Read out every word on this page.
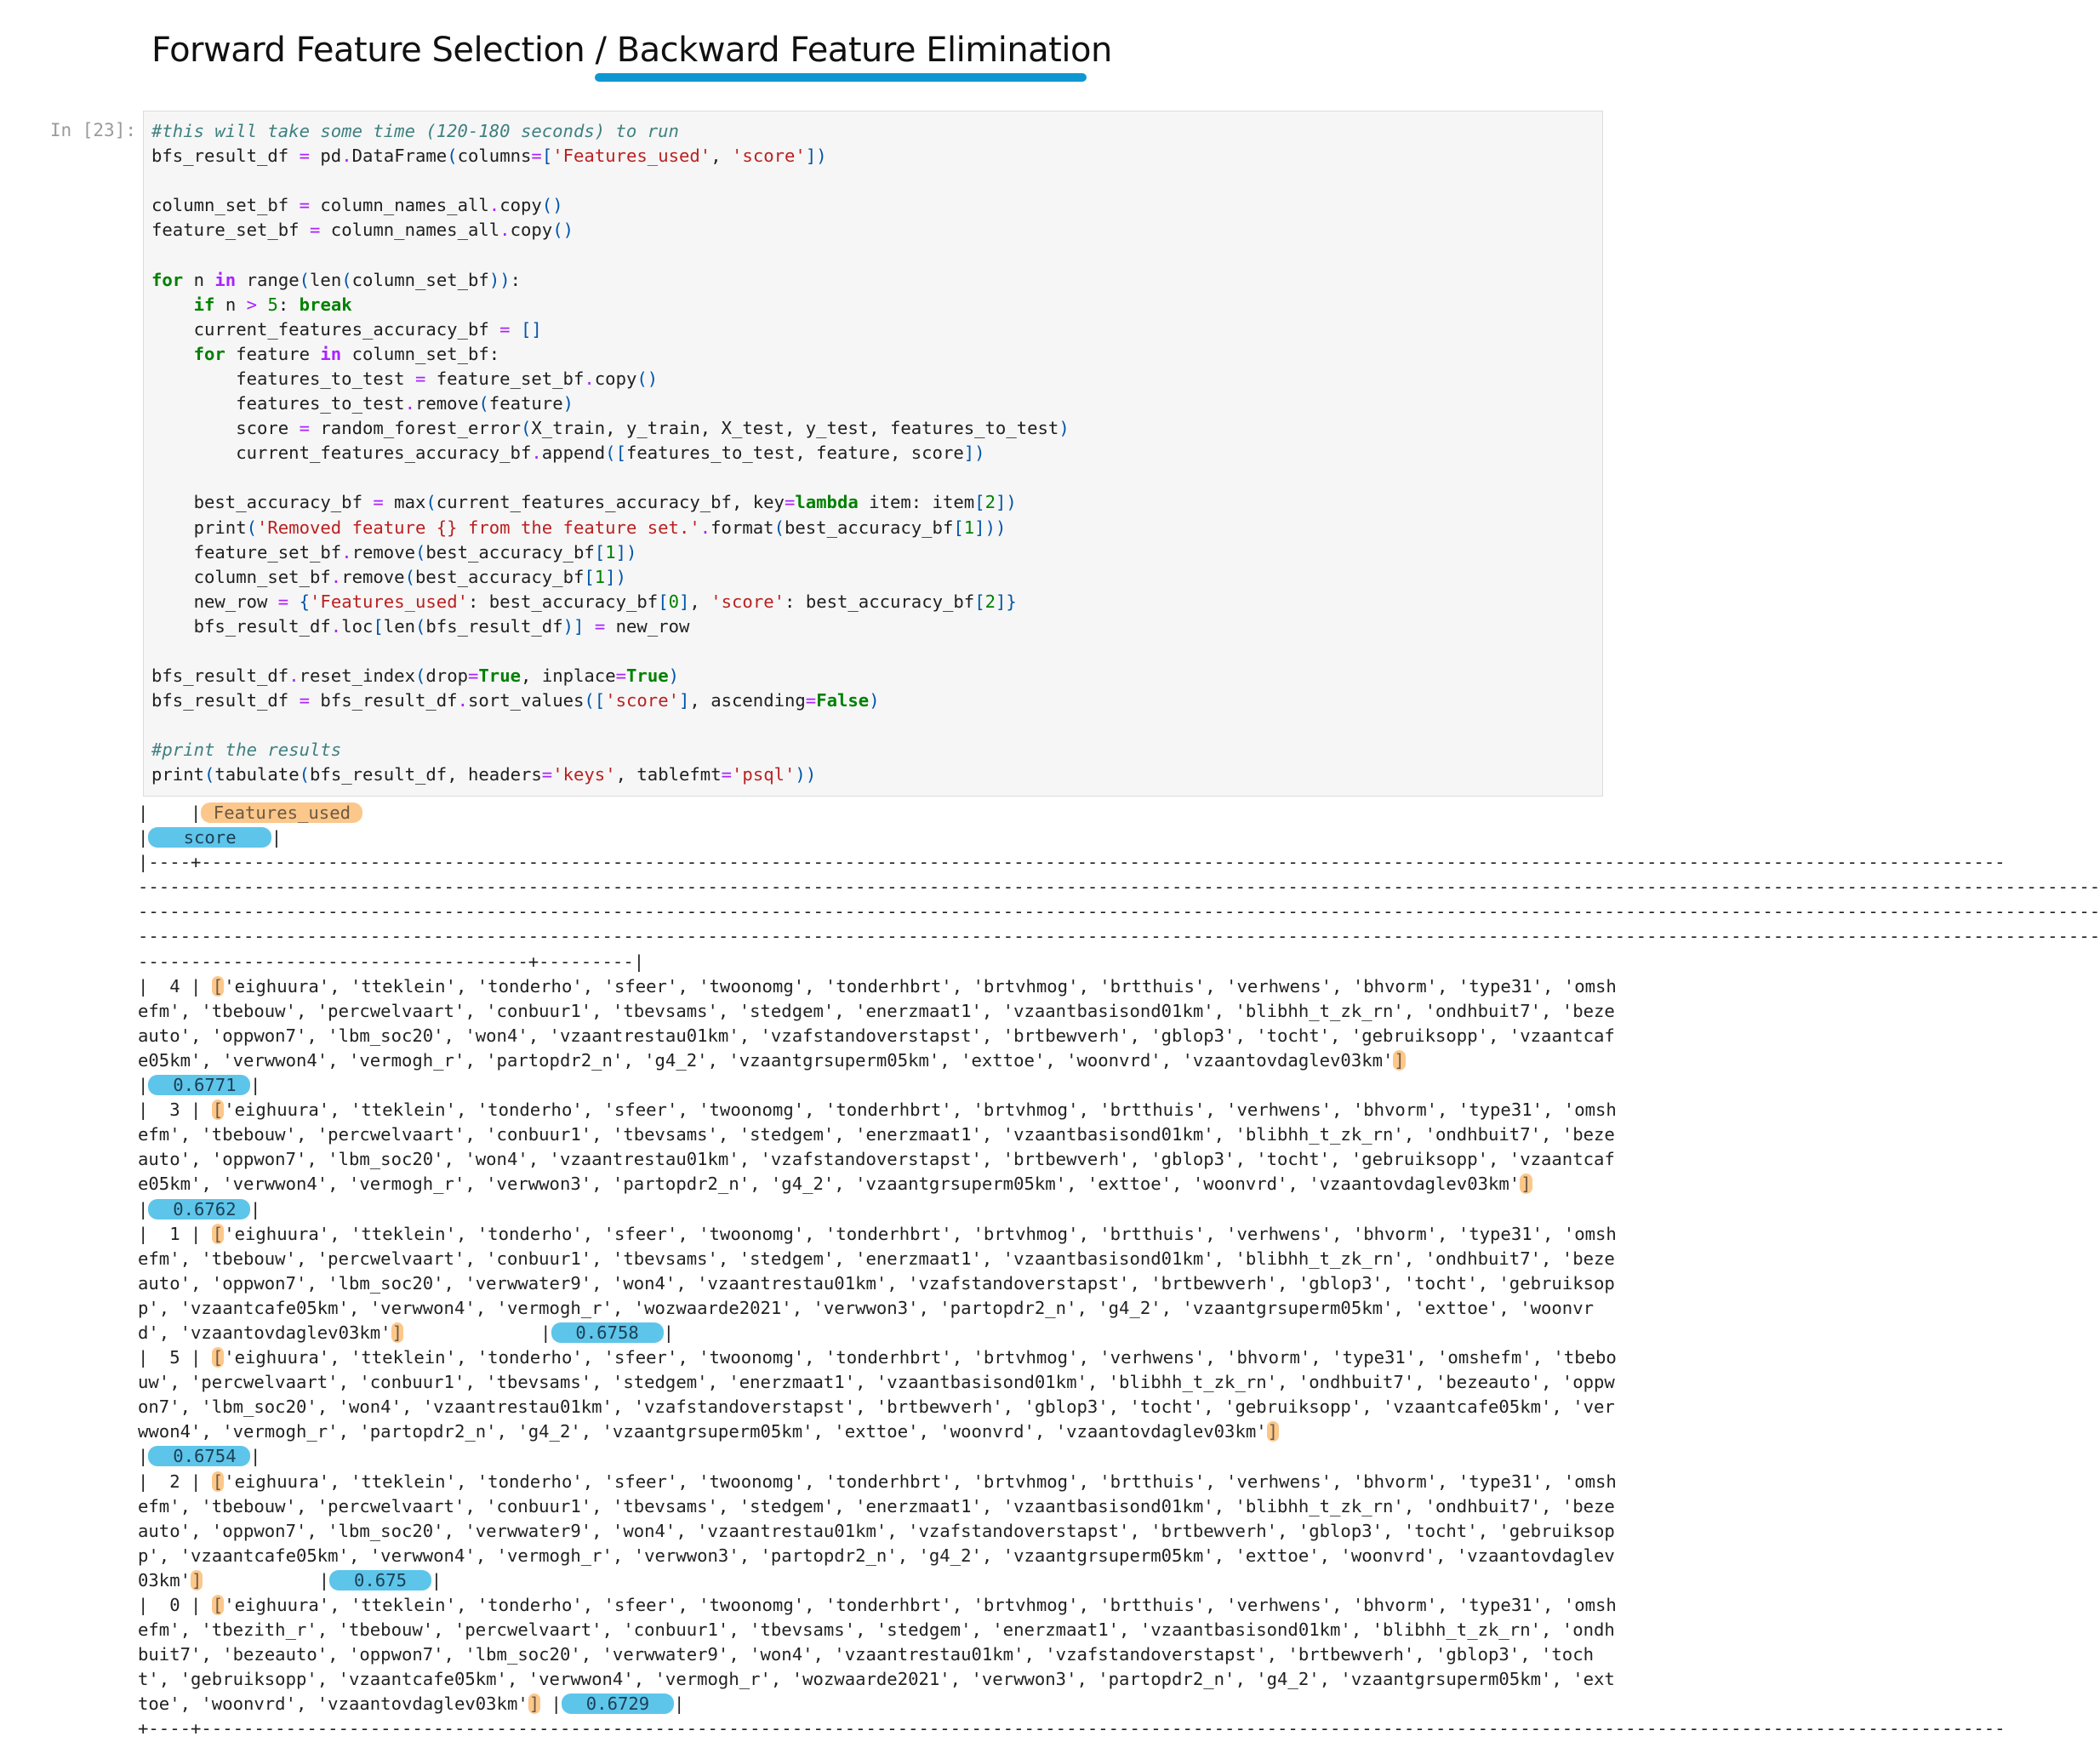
Forward Feature Selection / Backward Feature Elimination
In [23]: #this will take some time (120-180 seconds) to run
bfs_result_df = pd.DataFrame(columns=['Features_used', 'score'])

column_set_bf = column_names_all.copy()
feature_set_bf = column_names_all.copy()

for n in range(len(column_set_bf)):
if n > 5: break
current_features_accuracy_bf = []
for feature in column_set_bf:
features_to_test = feature_set_bf.copy()
features_to_test.remove(feature)
score = random_forest_error(X_train, y_train, X_test, y_test, features_to_test)
current_features_accuracy_bf.append([features_to_test, feature, score])

best_accuracy_bf = max(current_features_accuracy_bf, key=lambda item: item[2])
print('Removed feature {} from the feature set.'.format(best_accuracy_bf[1]))
feature_set_bf.remove(best_accuracy_bf[1])
column_set_bf.remove(best_accuracy_bf[1])
new_row = {'Features_used': best_accuracy_bf[0], 'score': best_accuracy_bf[2]}
bfs_result_df.loc[len(bfs_result_df)] = new_row

bfs_result_df.reset_index(drop=True, inplace=True)
bfs_result_df = bfs_result_df.sort_values(['score'], ascending=False)

#print the results
print(tabulate(bfs_result_df, headers='keys', tablefmt='psql'))
|    | Features_used
|   score   |
|----+---------------------------------------------------------------------------------------------------------------------------------------------------------------------------
------------------------------------------------------------------------------------------------------------------------------------------------------------------------------------------
------------------------------------------------------------------------------------------------------------------------------------------------------------------------------------------
------------------------------------------------------------------------------------------------------------------------------------------------------------------------------------------
-------------------------------------+---------|
|  4 | ['eighuura', 'tteklein', 'tonderho', 'sfeer', 'twoonomg', 'tonderhbrt', 'brtvhmog', 'brtthuis', 'verhwens', 'bhvorm', 'type31', 'omsh
efm', 'tbebouw', 'percwelvaart', 'conbuur1', 'tbevsams', 'stedgem', 'enerzmaat1', 'vzaantbasisond01km', 'blibhh_t_zk_rn', 'ondhbuit7', 'beze
auto', 'oppwon7', 'lbm_soc20', 'won4', 'vzaantrestau01km', 'vzafstandoverstapst', 'brtbewverh', 'gblop3', 'tocht', 'gebruiksopp', 'vzaantcaf
e05km', 'verwwon4', 'vermogh_r', 'partopdr2_n', 'g4_2', 'vzaantgrsuperm05km', 'exttoe', 'woonvrd', 'vzaantovdaglev03km']
|  0.6771 |
|  3 | ['eighuura', 'tteklein', 'tonderho', 'sfeer', 'twoonomg', 'tonderhbrt', 'brtvhmog', 'brtthuis', 'verhwens', 'bhvorm', 'type31', 'omsh
efm', 'tbebouw', 'percwelvaart', 'conbuur1', 'tbevsams', 'stedgem', 'enerzmaat1', 'vzaantbasisond01km', 'blibhh_t_zk_rn', 'ondhbuit7', 'beze
auto', 'oppwon7', 'lbm_soc20', 'won4', 'vzaantrestau01km', 'vzafstandoverstapst', 'brtbewverh', 'gblop3', 'tocht', 'gebruiksopp', 'vzaantcaf
e05km', 'verwwon4', 'vermogh_r', 'verwwon3', 'partopdr2_n', 'g4_2', 'vzaantgrsuperm05km', 'exttoe', 'woonvrd', 'vzaantovdaglev03km']
|  0.6762 |
|  1 | ['eighuura', 'tteklein', 'tonderho', 'sfeer', 'twoonomg', 'tonderhbrt', 'brtvhmog', 'brtthuis', 'verhwens', 'bhvorm', 'type31', 'omsh
efm', 'tbebouw', 'percwelvaart', 'conbuur1', 'tbevsams', 'stedgem', 'enerzmaat1', 'vzaantbasisond01km', 'blibhh_t_zk_rn', 'ondhbuit7', 'beze
auto', 'oppwon7', 'lbm_soc20', 'verwwater9', 'won4', 'vzaantrestau01km', 'vzafstandoverstapst', 'brtbewverh', 'gblop3', 'tocht', 'gebruiksop
p', 'vzaantcafe05km', 'verwwon4', 'vermogh_r', 'wozwaarde2021', 'verwwon3', 'partopdr2_n', 'g4_2', 'vzaantgrsuperm05km', 'exttoe', 'woonvr
d', 'vzaantovdaglev03km']             |  0.6758  |
|  5 | ['eighuura', 'tteklein', 'tonderho', 'sfeer', 'twoonomg', 'tonderhbrt', 'brtvhmog', 'verhwens', 'bhvorm', 'type31', 'omshefm', 'tbebo
uw', 'percwelvaart', 'conbuur1', 'tbevsams', 'stedgem', 'enerzmaat1', 'vzaantbasisond01km', 'blibhh_t_zk_rn', 'ondhbuit7', 'bezeauto', 'oppw
on7', 'lbm_soc20', 'won4', 'vzaantrestau01km', 'vzafstandoverstapst', 'brtbewverh', 'gblop3', 'tocht', 'gebruiksopp', 'vzaantcafe05km', 'ver
wwon4', 'vermogh_r', 'partopdr2_n', 'g4_2', 'vzaantgrsuperm05km', 'exttoe', 'woonvrd', 'vzaantovdaglev03km']
|  0.6754 |
|  2 | ['eighuura', 'tteklein', 'tonderho', 'sfeer', 'twoonomg', 'tonderhbrt', 'brtvhmog', 'brtthuis', 'verhwens', 'bhvorm', 'type31', 'omsh
efm', 'tbebouw', 'percwelvaart', 'conbuur1', 'tbevsams', 'stedgem', 'enerzmaat1', 'vzaantbasisond01km', 'blibhh_t_zk_rn', 'ondhbuit7', 'beze
auto', 'oppwon7', 'lbm_soc20', 'verwwater9', 'won4', 'vzaantrestau01km', 'vzafstandoverstapst', 'brtbewverh', 'gblop3', 'tocht', 'gebruiksop
p', 'vzaantcafe05km', 'verwwon4', 'vermogh_r', 'verwwon3', 'partopdr2_n', 'g4_2', 'vzaantgrsuperm05km', 'exttoe', 'woonvrd', 'vzaantovdaglev
03km']           |  0.675  |
|  0 | ['eighuura', 'tteklein', 'tonderho', 'sfeer', 'twoonomg', 'tonderhbrt', 'brtvhmog', 'brtthuis', 'verhwens', 'bhvorm', 'type31', 'omsh
efm', 'tbezith_r', 'tbebouw', 'percwelvaart', 'conbuur1', 'tbevsams', 'stedgem', 'enerzmaat1', 'vzaantbasisond01km', 'blibhh_t_zk_rn', 'ondh
buit7', 'bezeauto', 'oppwon7', 'lbm_soc20', 'verwwater9', 'won4', 'vzaantrestau01km', 'vzafstandoverstapst', 'brtbewverh', 'gblop3', 'toch
t', 'gebruiksopp', 'vzaantcafe05km', 'verwwon4', 'vermogh_r', 'wozwaarde2021', 'verwwon3', 'partopdr2_n', 'g4_2', 'vzaantgrsuperm05km', 'ext
toe', 'woonvrd', 'vzaantovdaglev03km'] |  0.6729  |
+----+---------------------------------------------------------------------------------------------------------------------------------------------------------------------------
